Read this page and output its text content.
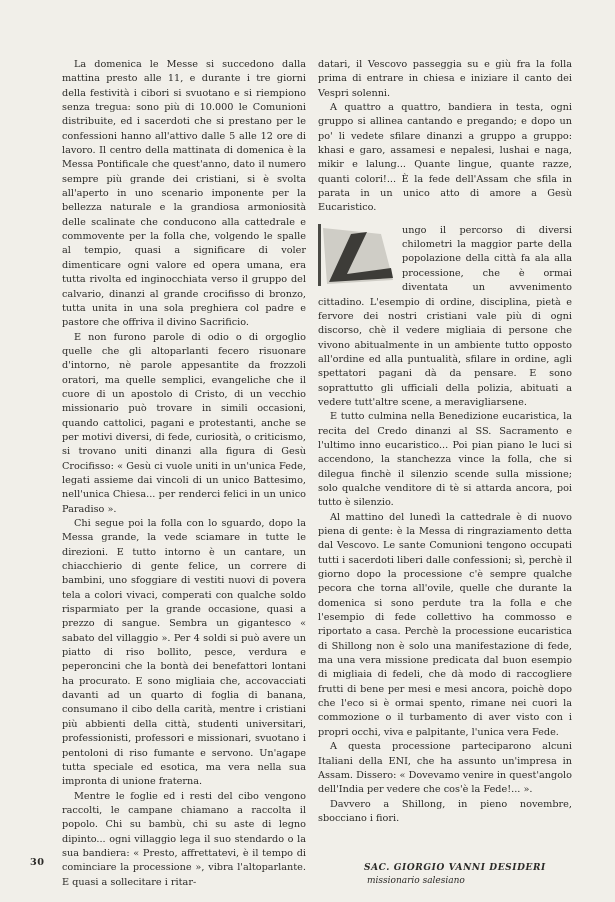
La domenica le Messe si succedono dalla mattina presto alle 11, e durante i tre giorni della festività i cibori si svuotano e si riempiono senza tregua: sono più di 10.000 le Comunioni distribuite, ed i sacerdoti che si prestano per le confessioni hanno all'attivo dalle 5 alle 12 ore di lavoro. Il centro della mattinata di domenica è la Messa Pontificale che quest'anno, dato il numero sempre più grande dei cristiani, si è svolta all'aperto in uno scenario imponente per la bellezza naturale e la grandiosa armoniosità delle scalinate che conducono alla cattedrale e commovente per la folla che, volgendo le spalle al tempio, quasi a significare di voler dimenticare ogni valore ed opera umana, era tutta rivolta ed inginocchiata verso il gruppo del calvario, dinanzi al grande crocifisso di bronzo, tutta unita in una sola preghiera col padre e pastore che offriva il divino Sacrificio.

E non furono parole di odio o di orgoglio quelle che gli altoparlanti fecero risuonare d'intorno, nè parole appesantite da frozzoli oratori, ma quelle semplici, evangeliche che il cuore di un apostolo di Cristo, di un vecchio missionario può trovare in simili occasioni, quando cattolici, pagani e protestanti, anche se per motivi diversi, di fede, curiosità, o criticismo, si trovano uniti dinanzi alla figura di Gesù Crocifisso: « Gesù ci vuole uniti in un'unica Fede, legati assieme dai vincoli di un unico Battesimo, nell'unica Chiesa... per renderci felici in un unico Paradiso ».

Chi segue poi la folla con lo sguardo, dopo la Messa grande, la vede sciamare in tutte le direzioni. E tutto intorno è un cantare, un chiacchierio di gente felice, un correre di bambini, uno sfoggiare di vestiti nuovi di povera tela a colori vivaci, comperati con qualche soldo risparmiato per la grande occasione, quasi a prezzo di sangue. Sembra un gigantesco « sabato del villaggio ». Per 4 soldi si può avere un piatto di riso bollito, pesce, verdura e peperoncini che la bontà dei benefattori lontani ha procurato. E sono migliaia che, accovacciati davanti ad un quarto di foglia di banana, consumano il cibo della carità, mentre i cristiani più abbienti della città, studenti universitari, professionisti, professori e missionari, svuotano i pentoloni di riso fumante e servono. Un'agape tutta speciale ed esotica, ma vera nella sua impronta di unione fraterna.

Mentre le foglie ed i resti del cibo vengono raccolti, le campane chiamano a raccolta il popolo. Chi su bambù, chi su aste di legno dipinto... ogni villaggio lega il suo stendardo o la sua bandiera: « Presto, affrettatevi, è il tempo di cominciare la processione », vibra l'altoparlante. E quasi a sollecitare i ritar-

datari, il Vescovo passeggia su e giù fra la folla prima di entrare in chiesa e iniziare il canto dei Vespri solenni.

A quattro a quattro, bandiera in testa, ogni gruppo si allinea cantando e pregando; e dopo un po' li vedete sfilare dinanzi a gruppo a gruppo: khasi e garo, assamesi e nepalesi, lushai e naga, mikir e lalung... Quante lingue, quante razze, quanti colori!... È la fede dell'Assam che sfila in parata in un unico atto di amore a Gesù Eucaristico.

ungo il percorso di diversi chilometri la maggior parte della popolazione della città fa ala alla processione, che è ormai diventata un avvenimento cittadino. L'esempio di ordine, disciplina, pietà e fervore dei nostri cristiani vale più di ogni discorso, chè il vedere migliaia di persone che vivono abitualmente in un ambiente tutto opposto all'ordine ed alla puntualità, sfilare in ordine, agli spettatori pagani dà da pensare. E sono soprattutto gli ufficiali della polizia, abituati a vedere tutt'altre scene, a meravigliarsene.

E tutto culmina nella Benedizione eucaristica, la recita del Credo dinanzi al SS. Sacramento e l'ultimo inno eucaristico... Poi pian piano le luci si accendono, la stanchezza vince la folla, che si dilegua finchè il silenzio scende sulla missione; solo qualche venditore di tè si attarda ancora, poi tutto è silenzio.

Al mattino del lunedì la cattedrale è di nuovo piena di gente: è la Messa di ringraziamento detta dal Vescovo. Le sante Comunioni tengono occupati tutti i sacerdoti liberi dalle confessioni; sì, perchè il giorno dopo la processione c'è sempre qualche pecora che torna all'ovile, quelle che durante la domenica si sono perdute tra la folla e che l'esempio di fede collettivo ha commosso e riportato a casa. Perchè la processione eucaristica di Shillong non è solo una manifestazione di fede, ma una vera missione predicata dal buon esempio di migliaia di fedeli, che dà modo di raccogliere frutti di bene per mesi e mesi ancora, poichè dopo che l'eco si è ormai spento, rimane nei cuori la commozione o il turbamento di aver visto con i propri occhi, viva e palpitante, l'unica vera Fede.

A questa processione parteciparono alcuni Italiani della ENI, che ha assunto un'impresa in Assam. Dissero: « Dovevamo venire in quest'angolo dell'India per vedere che cos'è la Fede!... ».

Davvero a Shillong, in pieno novembre, sbocciano i fiori.

30	SAC. GIORGIO VANNI DESIDERI
missionario salesiano
